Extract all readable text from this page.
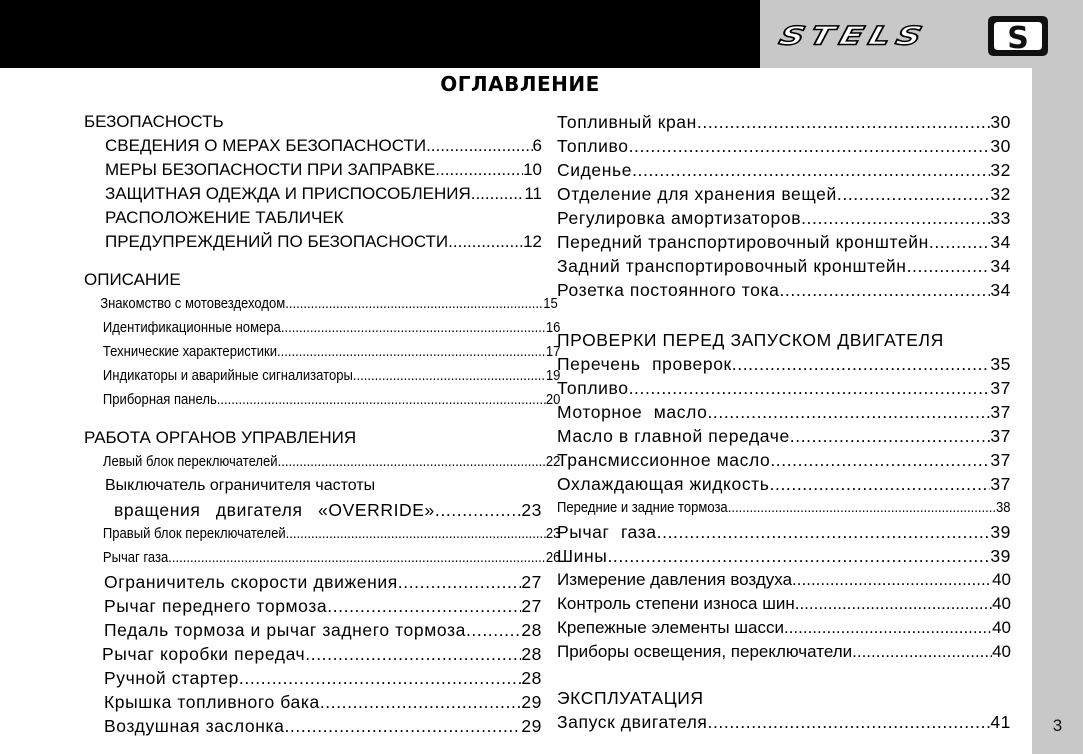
STELS	S
3
ОГЛАВЛЕНИЕ
БЕЗОПАСНОСТЬ
СВЕДЕНИЯ О МЕРАХ БЕЗОПАСНОСТИ .....	6
МЕРЫ БЕЗОПАСНОСТИ ПРИ ЗАПРАВКЕ .....	10
ЗАЩИТНАЯ ОДЕЖДА И ПРИСПОСОБЛЕНИЯ .....	11
РАСПОЛОЖЕНИЕ ТАБЛИЧЕК
ПРЕДУПРЕЖДЕНИЙ ПО БЕЗОПАСНОСТИ .....	12
ОПИСАНИЕ
Знакомство с мотовездеходом .....	15
Идентификационные номера .....	16
Технические характеристики .....	17
Индикаторы и аварийные сигнализаторы .....	19
Приборная панель .....	20
РАБОТА ОРГАНОВ УПРАВЛЕНИЯ
Левый блок переключателей .....	22
Выключатель ограничителя частоты
вращения двигателя «OVERRIDE» .....	23
Правый блок переключателей .....	23
Рычаг газа .....	26
Ограничитель скорости движения .....	27
Рычаг переднего тормоза .....	27
Педаль тормоза и рычаг заднего тормоза .....	28
Рычаг коробки передач .....	28
Ручной стартер .....	28
Крышка топливного бака .....	29
Воздушная заслонка .....	29
Топливный кран .....	30
Топливо .....	30
Сиденье .....	32
Отделение для хранения вещей .....	32
Регулировка амортизаторов .....	33
Передний транспортировочный кронштейн .....	34
Задний транспортировочный кронштейн .....	34
Розетка постоянного тока .....	34
ПРОВЕРКИ ПЕРЕД ЗАПУСКОМ ДВИГАТЕЛЯ
Перечень проверок .....	35
Топливо .....	37
Моторное масло .....	37
Масло в главной передаче .....	37
Трансмиссионное масло .....	37
Охлаждающая жидкость .....	37
Передние и задние тормоза .....	38
Рычаг газа .....	39
Шины .....	39
Измерение давления воздуха .....	40
Контроль степени износа шин .....	40
Крепежные элементы шасси .....	40
Приборы освещения, переключатели .....	40
ЭКСПЛУАТАЦИЯ
Запуск двигателя .....	41
